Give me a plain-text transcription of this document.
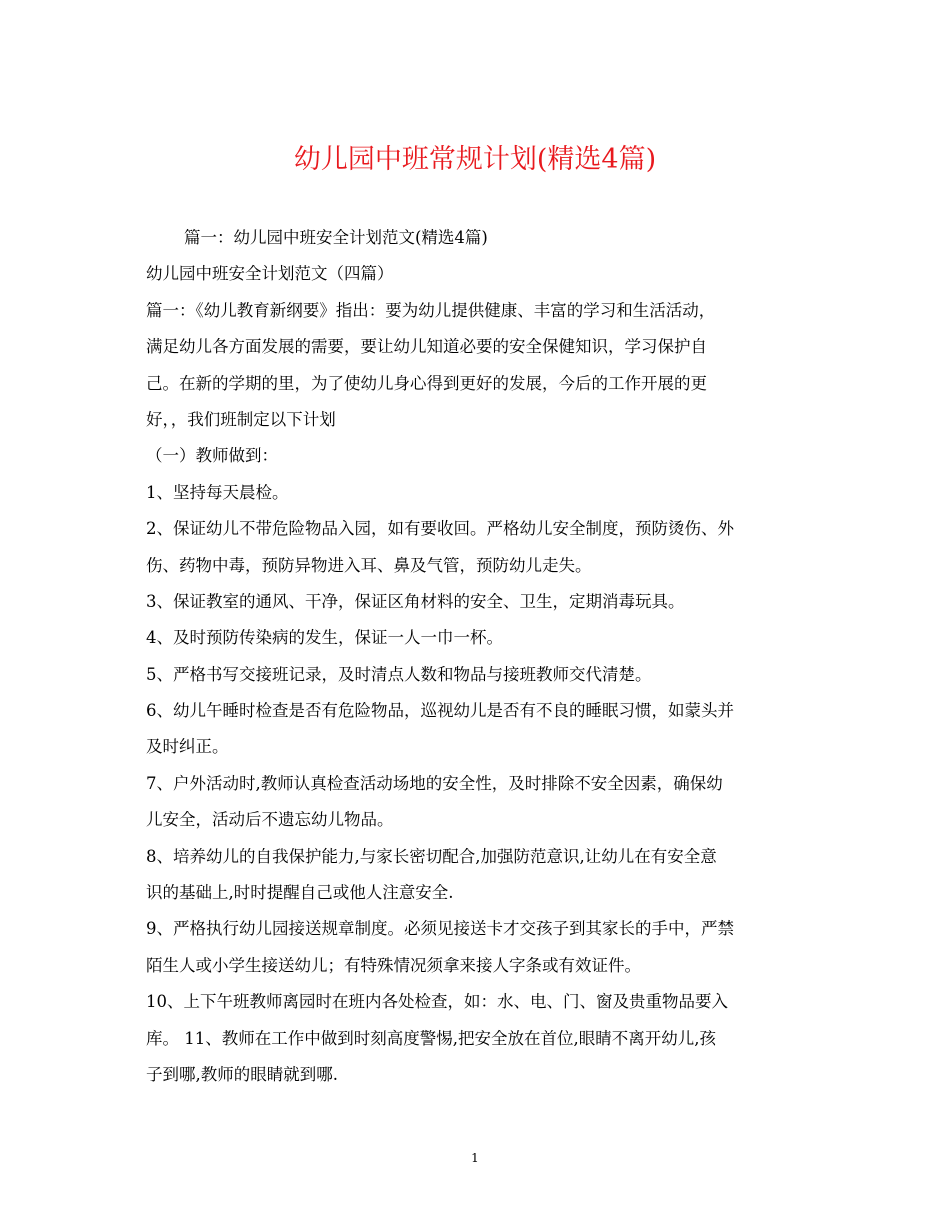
幼儿园中班常规计划(精选4篇)
篇一：幼儿园中班安全计划范文(精选4篇)
幼儿园中班安全计划范文（四篇）
篇一：《幼儿教育新纲要》指出：要为幼儿提供健康、丰富的学习和生活活动，
满足幼儿各方面发展的需要，要让幼儿知道必要的安全保健知识，学习保护自
己。在新的学期的里，为了使幼儿身心得到更好的发展，今后的工作开展的更
好，，我们班制定以下计划
（一）教师做到：
1、坚持每天晨检。
2、保证幼儿不带危险物品入园，如有要收回。严格幼儿安全制度，预防烫伤、外
伤、药物中毒，预防异物进入耳、鼻及气管，预防幼儿走失。
3、保证教室的通风、干净，保证区角材料的安全、卫生，定期消毒玩具。
4、及时预防传染病的发生，保证一人一巾一杯。
5、严格书写交接班记录，及时清点人数和物品与接班教师交代清楚。
6、幼儿午睡时检查是否有危险物品，巡视幼儿是否有不良的睡眠习惯，如蒙头并
及时纠正。
7、户外活动时,教师认真检查活动场地的安全性，及时排除不安全因素，确保幼
儿安全，活动后不遗忘幼儿物品。
8、培养幼儿的自我保护能力,与家长密切配合,加强防范意识,让幼儿在有安全意
识的基础上,时时提醒自己或他人注意安全.
9、严格执行幼儿园接送规章制度。必须见接送卡才交孩子到其家长的手中，严禁
陌生人或小学生接送幼儿；有特殊情况须拿来接人字条或有效证件。
10、上下午班教师离园时在班内各处检查，如：水、电、门、窗及贵重物品要入
库。 11、教师在工作中做到时刻高度警惕,把安全放在首位,眼睛不离开幼儿,孩
子到哪,教师的眼睛就到哪.
1
